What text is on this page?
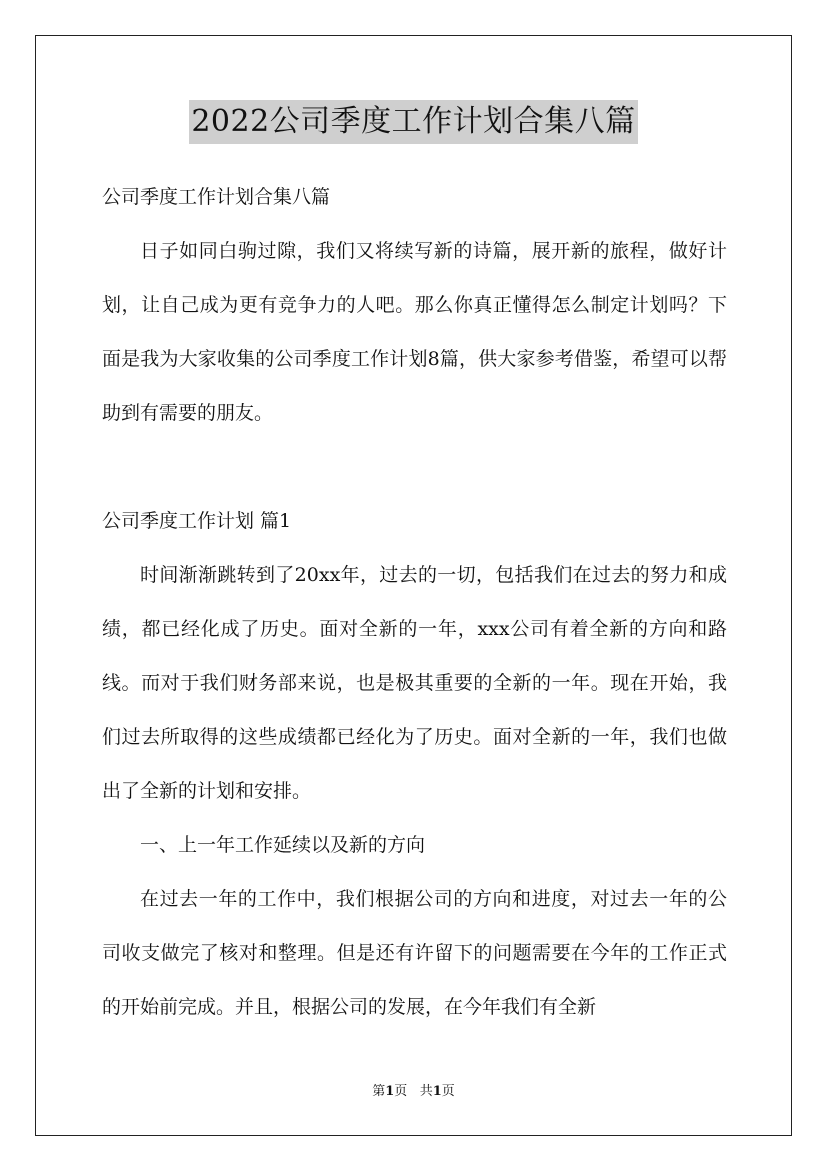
2022公司季度工作计划合集八篇

公司季度工作计划合集八篇

日子如同白驹过隙，我们又将续写新的诗篇，展开新的旅程，做好计划，让自己成为更有竞争力的人吧。那么你真正懂得怎么制定计划吗？下面是我为大家收集的公司季度工作计划8篇，供大家参考借鉴，希望可以帮助到有需要的朋友。

公司季度工作计划 篇1

时间渐渐跳转到了20xx年，过去的一切，包括我们在过去的努力和成绩，都已经化成了历史。面对全新的一年，xxx公司有着全新的方向和路线。而对于我们财务部来说，也是极其重要的全新的一年。现在开始，我们过去所取得的这些成绩都已经化为了历史。面对全新的一年，我们也做出了全新的计划和安排。

一、上一年工作延续以及新的方向

在过去一年的工作中，我们根据公司的方向和进度，对过去一年的公司收支做完了核对和整理。但是还有许留下的问题需要在今年的工作正式的开始前完成。并且，根据公司的发展，在今年我们有全新

第1页   共1页
